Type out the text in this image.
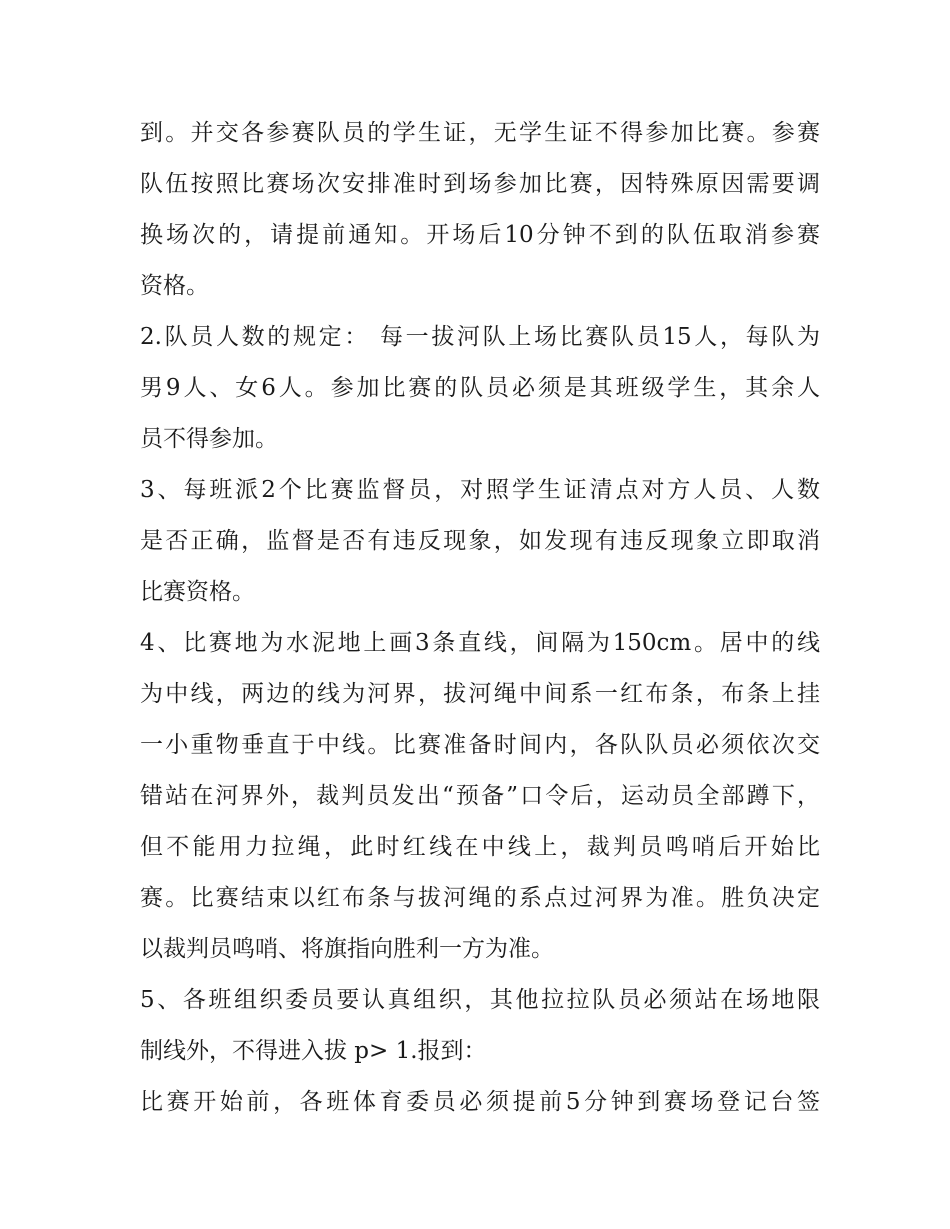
到。并交各参赛队员的学生证，无学生证不得参加比赛。参赛
队伍按照比赛场次安排准时到场参加比赛，因特殊原因需要调
换场次的，请提前通知。开场后10分钟不到的队伍取消参赛
资格。
2.队员人数的规定： 每一拔河队上场比赛队员15人，每队为
男9人、女6人。参加比赛的队员必须是其班级学生，其余人
员不得参加。
3、每班派2个比赛监督员，对照学生证清点对方人员、人数
是否正确，监督是否有违反现象，如发现有违反现象立即取消
比赛资格。
4、比赛地为水泥地上画3条直线，间隔为150cm。居中的线
为中线，两边的线为河界，拔河绳中间系一红布条，布条上挂
一小重物垂直于中线。比赛准备时间内，各队队员必须依次交
错站在河界外，裁判员发出“预备”口令后，运动员全部蹲下，
但不能用力拉绳，此时红线在中线上，裁判员鸣哨后开始比
赛。比赛结束以红布条与拔河绳的系点过河界为准。胜负决定
以裁判员鸣哨、将旗指向胜利一方为准。
5、各班组织委员要认真组织，其他拉拉队员必须站在场地限
制线外，不得进入拔 p> 1.报到：
比赛开始前，各班体育委员必须提前5分钟到赛场登记台签
